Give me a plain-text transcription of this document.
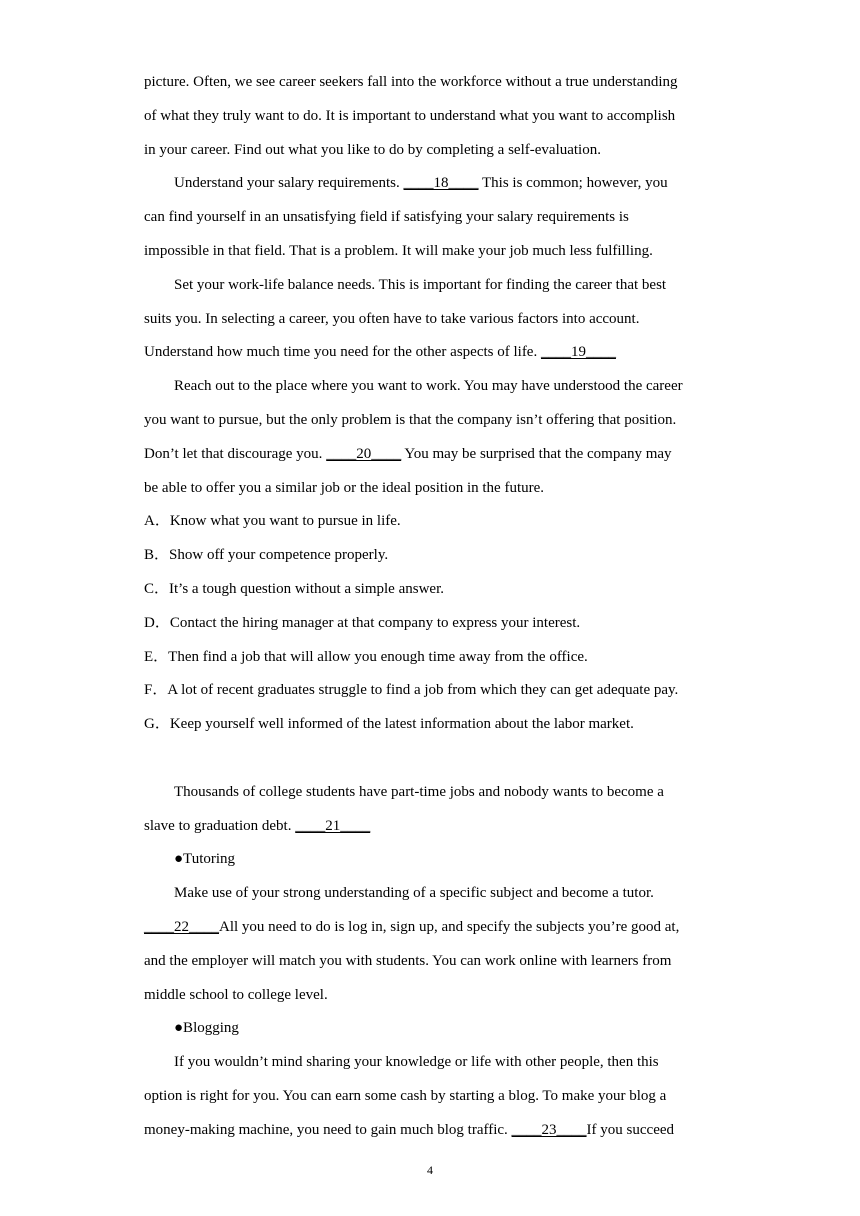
picture. Often, we see career seekers fall into the workforce without a true understanding
of what they truly want to do. It is important to understand what you want to accomplish
in your career. Find out what you like to do by completing a self-evaluation.
Understand your salary requirements. ____18____ This is common; however, you
can find yourself in an unsatisfying field if satisfying your salary requirements is
impossible in that field. That is a problem. It will make your job much less fulfilling.
Set your work-life balance needs. This is important for finding the career that best
suits you. In selecting a career, you often have to take various factors into account.
Understand how much time you need for the other aspects of life. ____19____
Reach out to the place where you want to work. You may have understood the career
you want to pursue, but the only problem is that the company isn’t offering that position.
Don’t let that discourage you. ____20____ You may be surprised that the company may
be able to offer you a similar job or the ideal position in the future.
A．Know what you want to pursue in life.
B．Show off your competence properly.
C．It’s a tough question without a simple answer.
D．Contact the hiring manager at that company to express your interest.
E．Then find a job that will allow you enough time away from the office.
F．A lot of recent graduates struggle to find a job from which they can get adequate pay.
G．Keep yourself well informed of the latest information about the labor market.
Thousands of college students have part-time jobs and nobody wants to become a
slave to graduation debt. ____21____
●Tutoring
Make use of your strong understanding of a specific subject and become a tutor.
____22____All you need to do is log in, sign up, and specify the subjects you’re good at,
and the employer will match you with students. You can work online with learners from
middle school to college level.
●Blogging
If you wouldn’t mind sharing your knowledge or life with other people, then this
option is right for you. You can earn some cash by starting a blog. To make your blog a
money-making machine, you need to gain much blog traffic. ____23____If you succeed
4
